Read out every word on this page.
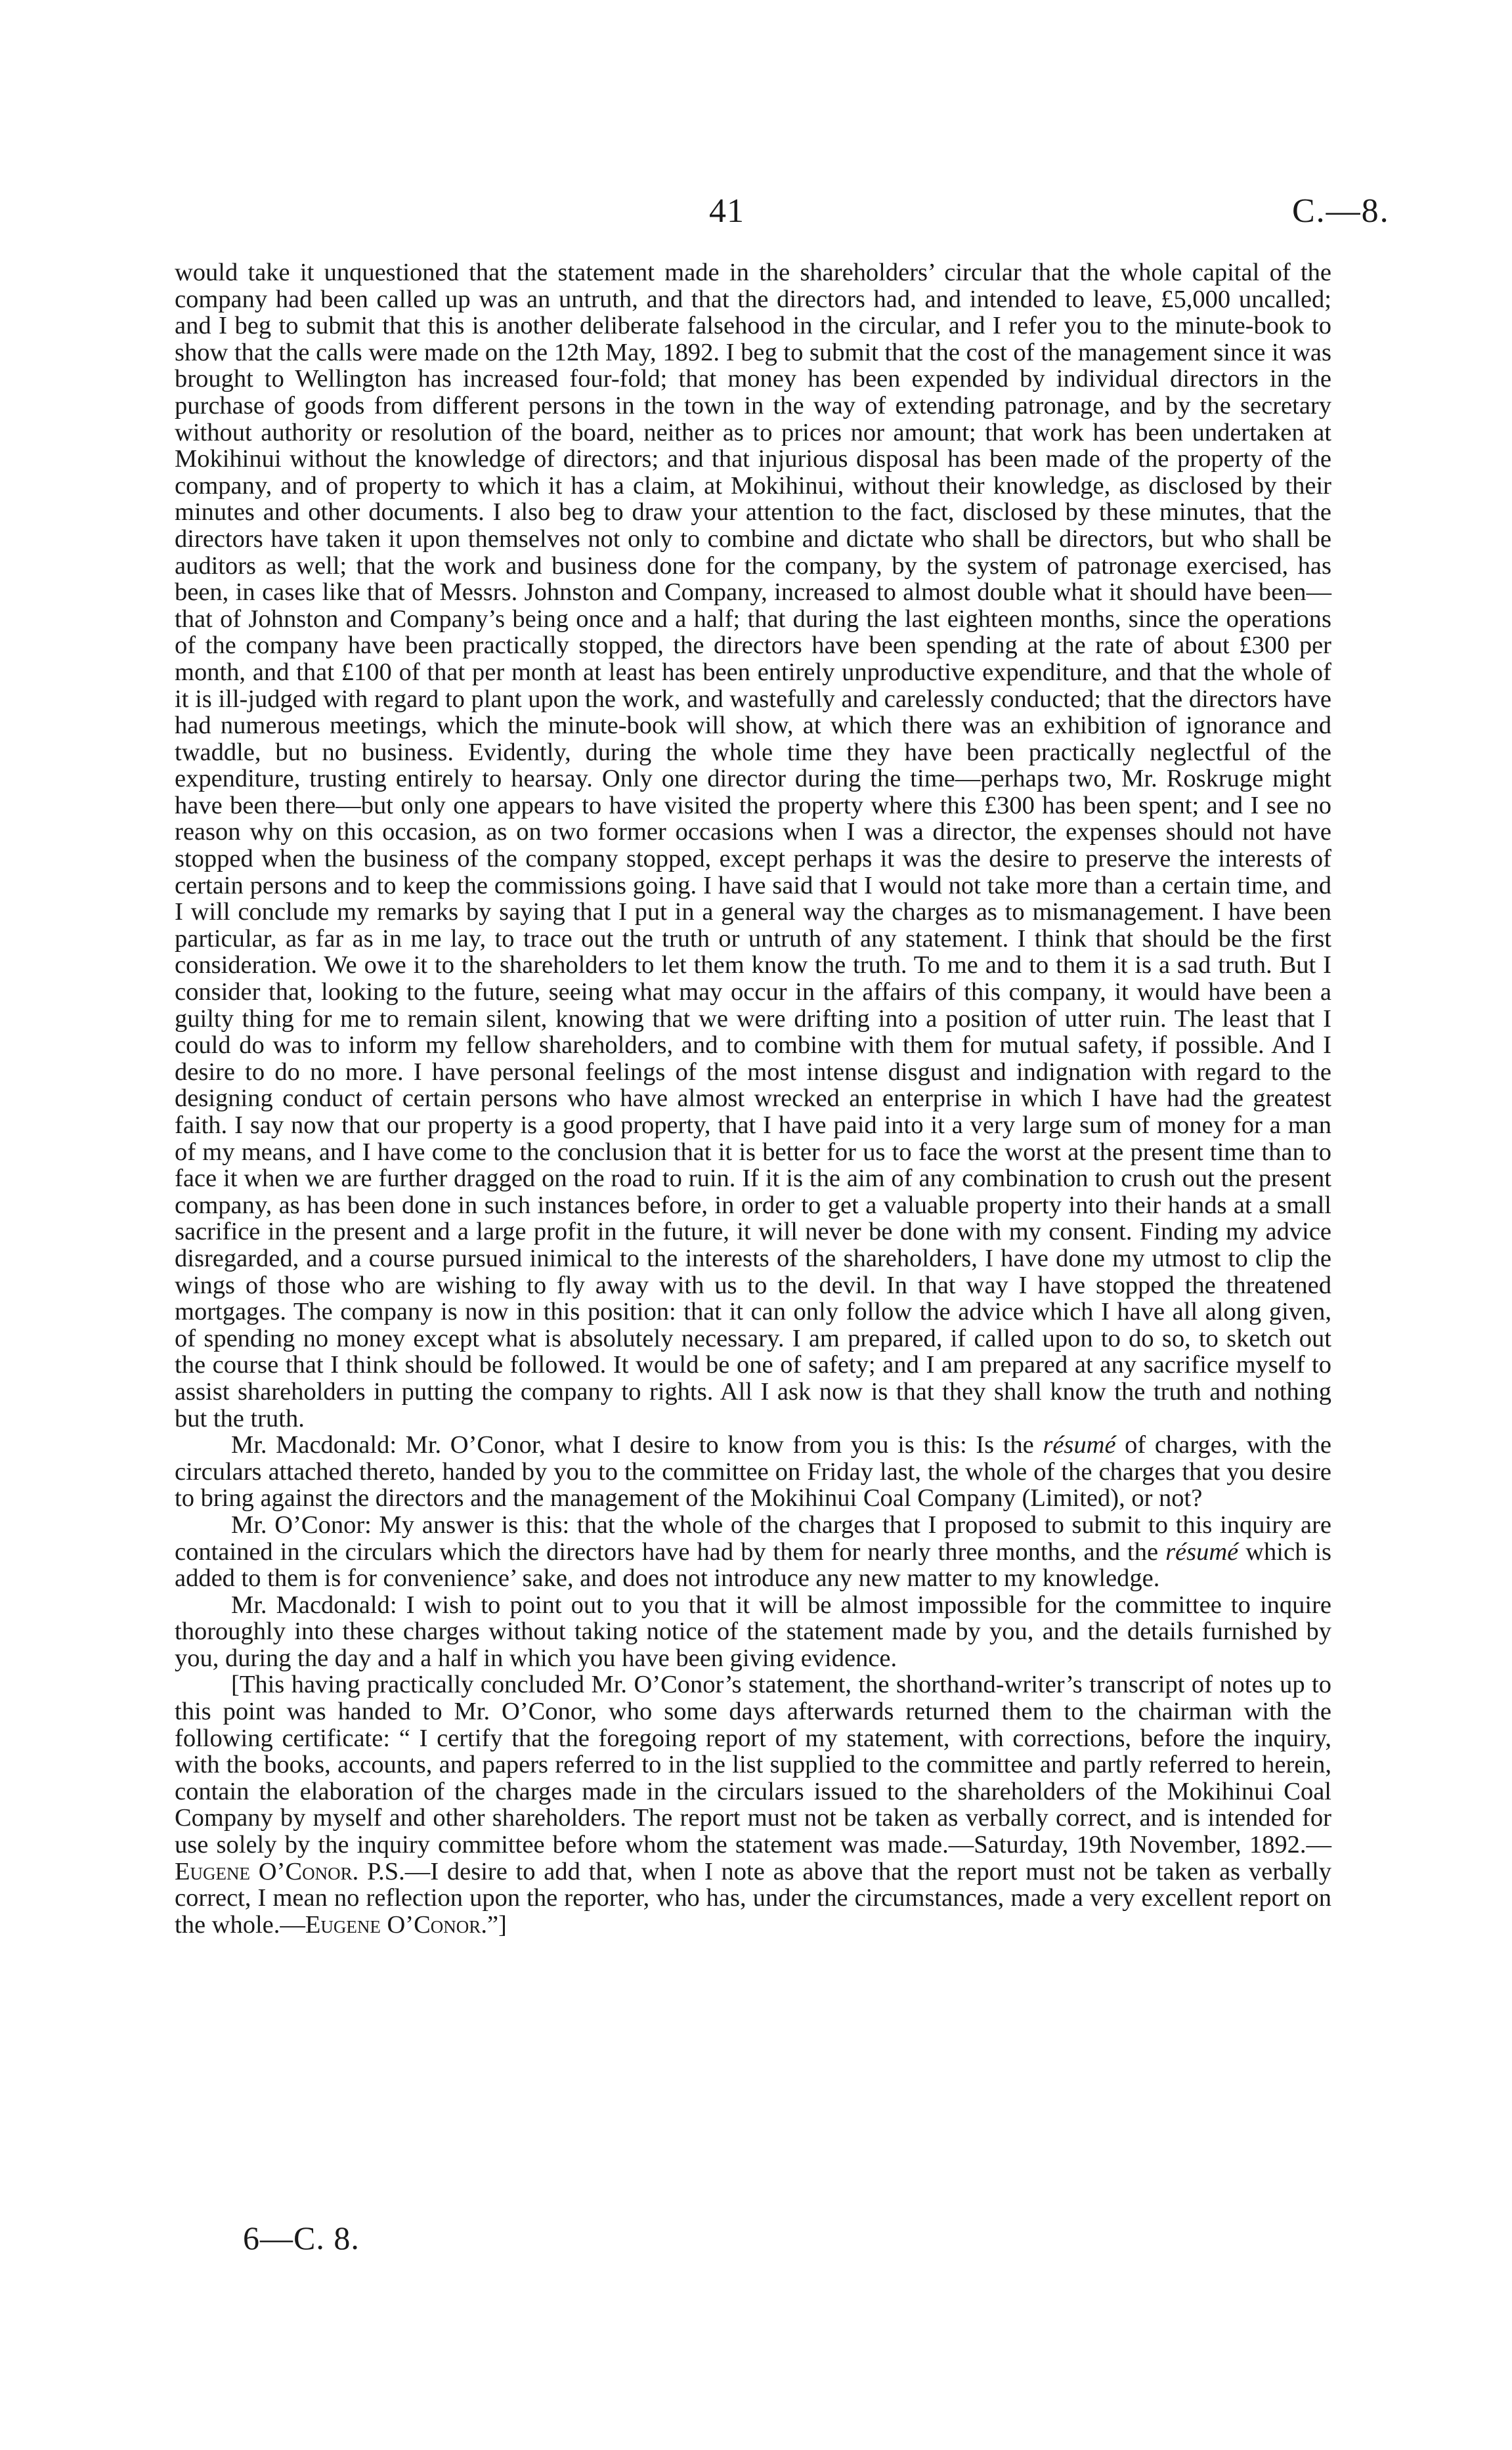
41	C.—8.

would take it unquestioned that the statement made in the shareholders’ circular that the whole capital of the company had been called up was an untruth, and that the directors had, and intended to leave, £5,000 uncalled; and I beg to submit that this is another deliberate falsehood in the circular, and I refer you to the minute-book to show that the calls were made on the 12th May, 1892. I beg to submit that the cost of the management since it was brought to Wellington has increased four-fold; that money has been expended by individual directors in the purchase of goods from different persons in the town in the way of extending patronage, and by the secretary without authority or resolution of the board, neither as to prices nor amount; that work has been undertaken at Mokihinui without the knowledge of directors; and that injurious disposal has been made of the property of the company, and of property to which it has a claim, at Mokihinui, without their knowledge, as disclosed by their minutes and other documents. I also beg to draw your attention to the fact, disclosed by these minutes, that the directors have taken it upon themselves not only to combine and dictate who shall be directors, but who shall be auditors as well; that the work and business done for the company, by the system of patronage exercised, has been, in cases like that of Messrs. Johnston and Company, increased to almost double what it should have been—that of Johnston and Company’s being once and a half; that during the last eighteen months, since the operations of the company have been practically stopped, the directors have been spending at the rate of about £300 per month, and that £100 of that per month at least has been entirely unproductive expenditure, and that the whole of it is ill-judged with regard to plant upon the work, and wastefully and carelessly conducted; that the directors have had numerous meetings, which the minute-book will show, at which there was an exhibition of ignorance and twaddle, but no business. Evidently, during the whole time they have been practically neglectful of the expenditure, trusting entirely to hearsay. Only one director during the time—perhaps two, Mr. Roskruge might have been there—but only one appears to have visited the property where this £300 has been spent; and I see no reason why on this occasion, as on two former occasions when I was a director, the expenses should not have stopped when the business of the company stopped, except perhaps it was the desire to preserve the interests of certain persons and to keep the commissions going. I have said that I would not take more than a certain time, and I will conclude my remarks by saying that I put in a general way the charges as to mismanagement. I have been particular, as far as in me lay, to trace out the truth or untruth of any statement. I think that should be the first consideration. We owe it to the shareholders to let them know the truth. To me and to them it is a sad truth. But I consider that, looking to the future, seeing what may occur in the affairs of this company, it would have been a guilty thing for me to remain silent, knowing that we were drifting into a position of utter ruin. The least that I could do was to inform my fellow shareholders, and to combine with them for mutual safety, if possible. And I desire to do no more. I have personal feelings of the most intense disgust and indignation with regard to the designing conduct of certain persons who have almost wrecked an enterprise in which I have had the greatest faith. I say now that our property is a good property, that I have paid into it a very large sum of money for a man of my means, and I have come to the conclusion that it is better for us to face the worst at the present time than to face it when we are further dragged on the road to ruin. If it is the aim of any combination to crush out the present company, as has been done in such instances before, in order to get a valuable property into their hands at a small sacrifice in the present and a large profit in the future, it will never be done with my consent. Finding my advice disregarded, and a course pursued inimical to the interests of the shareholders, I have done my utmost to clip the wings of those who are wishing to fly away with us to the devil. In that way I have stopped the threatened mortgages. The company is now in this position: that it can only follow the advice which I have all along given, of spending no money except what is absolutely necessary. I am prepared, if called upon to do so, to sketch out the course that I think should be followed. It would be one of safety; and I am prepared at any sacrifice myself to assist shareholders in putting the company to rights. All I ask now is that they shall know the truth and nothing but the truth.

Mr. Macdonald: Mr. O’Conor, what I desire to know from you is this: Is the résumé of charges, with the circulars attached thereto, handed by you to the committee on Friday last, the whole of the charges that you desire to bring against the directors and the management of the Mokihinui Coal Company (Limited), or not?

Mr. O’Conor: My answer is this: that the whole of the charges that I proposed to submit to this inquiry are contained in the circulars which the directors have had by them for nearly three months, and the résumé which is added to them is for convenience’ sake, and does not introduce any new matter to my knowledge.

Mr. Macdonald: I wish to point out to you that it will be almost impossible for the committee to inquire thoroughly into these charges without taking notice of the statement made by you, and the details furnished by you, during the day and a half in which you have been giving evidence.

[This having practically concluded Mr. O’Conor’s statement, the shorthand-writer’s transcript of notes up to this point was handed to Mr. O’Conor, who some days afterwards returned them to the chairman with the following certificate: “ I certify that the foregoing report of my statement, with corrections, before the inquiry, with the books, accounts, and papers referred to in the list supplied to the committee and partly referred to herein, contain the elaboration of the charges made in the circulars issued to the shareholders of the Mokihinui Coal Company by myself and other shareholders. The report must not be taken as verbally correct, and is intended for use solely by the inquiry committee before whom the statement was made.—Saturday, 19th November, 1892.—Eugene O’Conor. P.S.—I desire to add that, when I note as above that the report must not be taken as verbally correct, I mean no reflection upon the reporter, who has, under the circumstances, made a very excellent report on the whole.—Eugene O’Conor.”]

6—C. 8.
